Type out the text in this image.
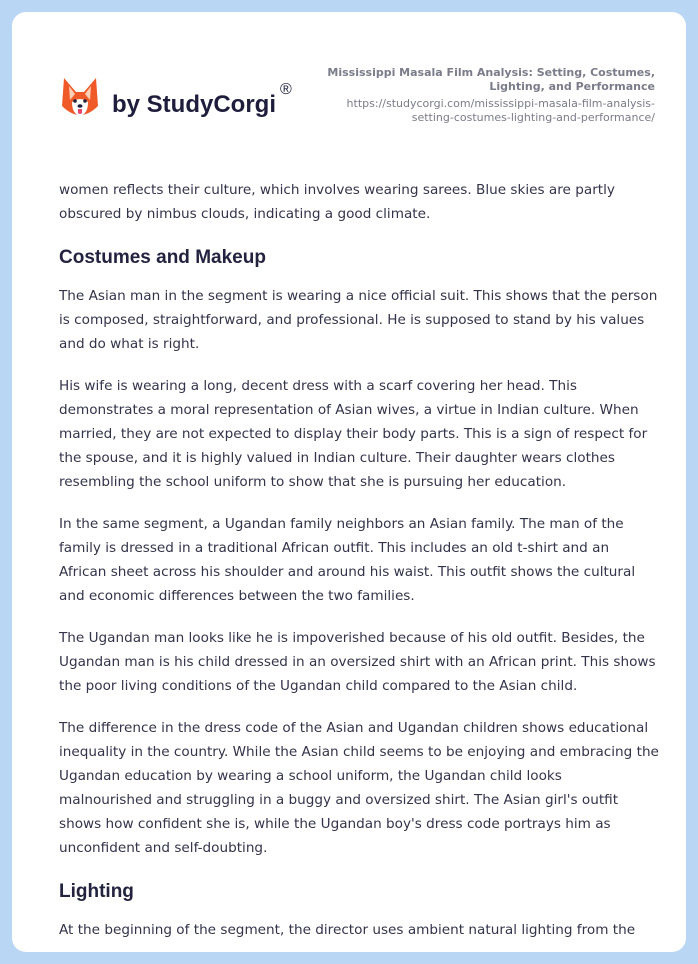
by StudyCorgi®
Mississippi Masala Film Analysis: Setting, Costumes, Lighting, and Performance
https://studycorgi.com/mississippi-masala-film-analysis-setting-costumes-lighting-and-performance/

women reflects their culture, which involves wearing sarees. Blue skies are partly obscured by nimbus clouds, indicating a good climate.

Costumes and Makeup

The Asian man in the segment is wearing a nice official suit. This shows that the person is composed, straightforward, and professional. He is supposed to stand by his values and do what is right.

His wife is wearing a long, decent dress with a scarf covering her head. This demonstrates a moral representation of Asian wives, a virtue in Indian culture. When married, they are not expected to display their body parts. This is a sign of respect for the spouse, and it is highly valued in Indian culture. Their daughter wears clothes resembling the school uniform to show that she is pursuing her education.

In the same segment, a Ugandan family neighbors an Asian family. The man of the family is dressed in a traditional African outfit. This includes an old t-shirt and an African sheet across his shoulder and around his waist. This outfit shows the cultural and economic differences between the two families.

The Ugandan man looks like he is impoverished because of his old outfit. Besides, the Ugandan man is his child dressed in an oversized shirt with an African print. This shows the poor living conditions of the Ugandan child compared to the Asian child.

The difference in the dress code of the Asian and Ugandan children shows educational inequality in the country. While the Asian child seems to be enjoying and embracing the Ugandan education by wearing a school uniform, the Ugandan child looks malnourished and struggling in a buggy and oversized shirt. The Asian girl's outfit shows how confident she is, while the Ugandan boy's dress code portrays him as unconfident and self-doubting.

Lighting

At the beginning of the segment, the director uses ambient natural lighting from the
